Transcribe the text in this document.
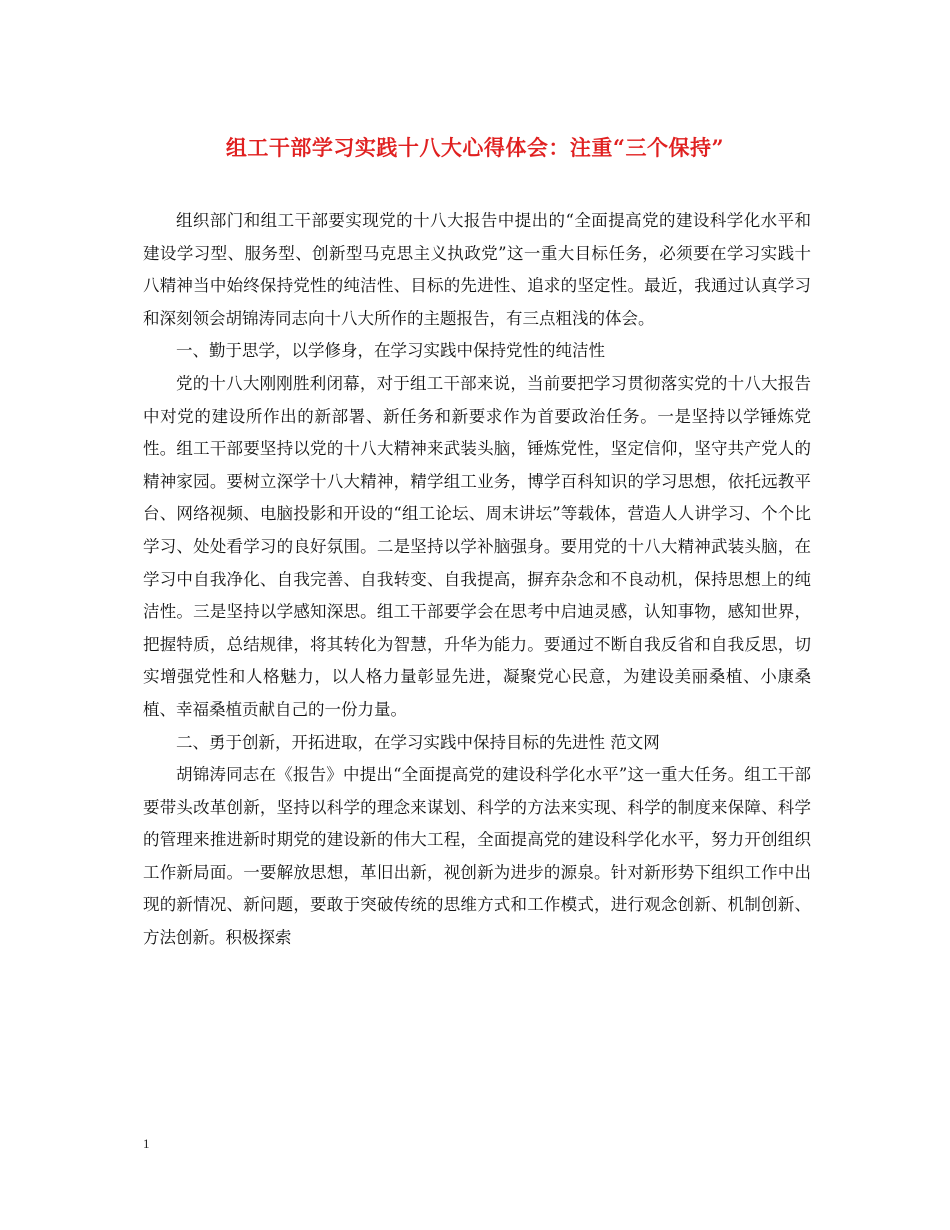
组工干部学习实践十八大心得体会：注重“三个保持”

组织部门和组工干部要实现党的十八大报告中提出的“全面提高党的建设科学化水平和建设学习型、服务型、创新型马克思主义执政党”这一重大目标任务，必须要在学习实践十八精神当中始终保持党性的纯洁性、目标的先进性、追求的坚定性。最近，我通过认真学习和深刻领会胡锦涛同志向十八大所作的主题报告，有三点粗浅的体会。

一、勤于思学，以学修身，在学习实践中保持党性的纯洁性

党的十八大刚刚胜利闭幕，对于组工干部来说，当前要把学习贯彻落实党的十八大报告中对党的建设所作出的新部署、新任务和新要求作为首要政治任务。一是坚持以学锤炼党性。组工干部要坚持以党的十八大精神来武装头脑，锤炼党性，坚定信仰，坚守共产党人的精神家园。要树立深学十八大精神，精学组工业务，博学百科知识的学习思想，依托远教平台、网络视频、电脑投影和开设的“组工论坛、周末讲坛”等载体，营造人人讲学习、个个比学习、处处看学习的良好氛围。二是坚持以学补脑强身。要用党的十八大精神武装头脑，在学习中自我净化、自我完善、自我转变、自我提高，摒弃杂念和不良动机，保持思想上的纯洁性。三是坚持以学感知深思。组工干部要学会在思考中启迪灵感，认知事物，感知世界，把握特质，总结规律，将其转化为智慧，升华为能力。要通过不断自我反省和自我反思，切实增强党性和人格魅力，以人格力量彰显先进，凝聚党心民意，为建设美丽桑植、小康桑植、幸福桑植贡献自己的一份力量。

二、勇于创新，开拓进取，在学习实践中保持目标的先进性 范文网

胡锦涛同志在《报告》中提出“全面提高党的建设科学化水平”这一重大任务。组工干部要带头改革创新，坚持以科学的理念来谋划、科学的方法来实现、科学的制度来保障、科学的管理来推进新时期党的建设新的伟大工程，全面提高党的建设科学化水平，努力开创组织工作新局面。一要解放思想，革旧出新，视创新为进步的源泉。针对新形势下组织工作中出现的新情况、新问题，要敢于突破传统的思维方式和工作模式，进行观念创新、机制创新、方法创新。积极探索

1
